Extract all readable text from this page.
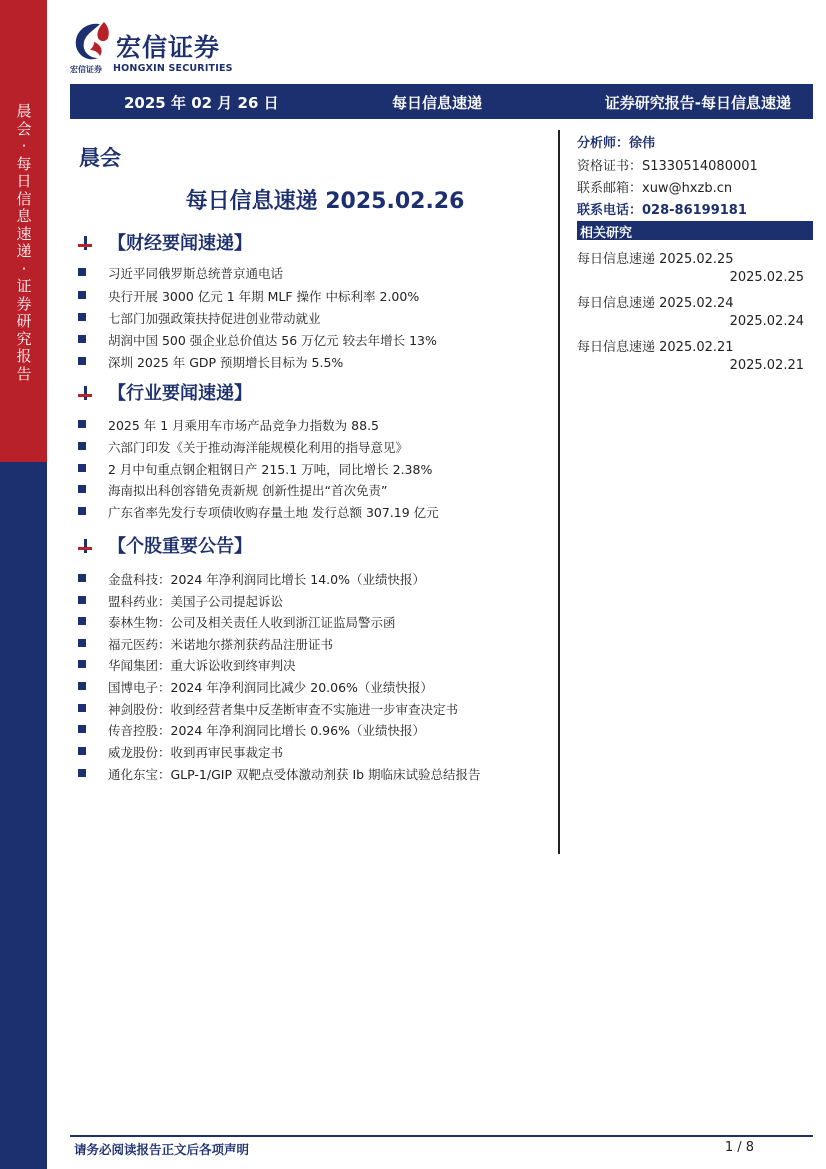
晨会·每日信息速递·证券研究报告
宏信证券
宏信证券 HONGXIN SECURITIES
2025 年 02 月 26 日	每日信息速递	证券研究报告-每日信息速递
晨会
每日信息速递 2025.02.26
【财经要闻速递】
习近平同俄罗斯总统普京通电话
央行开展 3000 亿元 1 年期 MLF 操作 中标利率 2.00%
七部门加强政策扶持促进创业带动就业
胡润中国 500 强企业总价值达 56 万亿元 较去年增长 13%
深圳 2025 年 GDP 预期增长目标为 5.5%
【行业要闻速递】
2025 年 1 月乘用车市场产品竞争力指数为 88.5
六部门印发《关于推动海洋能规模化利用的指导意见》
2 月中旬重点钢企粗钢日产 215.1 万吨，同比增长 2.38%
海南拟出科创容错免责新规 创新性提出“首次免责”
广东省率先发行专项债收购存量土地 发行总额 307.19 亿元
【个股重要公告】
金盘科技：2024 年净利润同比增长 14.0%（业绩快报）
盟科药业：美国子公司提起诉讼
泰林生物：公司及相关责任人收到浙江证监局警示函
福元医药：米诺地尔搽剂获药品注册证书
华闻集团：重大诉讼收到终审判决
国博电子：2024 年净利润同比减少 20.06%（业绩快报）
神剑股份：收到经营者集中反垄断审查不实施进一步审查决定书
传音控股：2024 年净利润同比增长 0.96%（业绩快报）
威龙股份：收到再审民事裁定书
通化东宝：GLP-1/GIP 双靶点受体激动剂获 Ib 期临床试验总结报告
分析师：徐伟
资格证书：S1330514080001
联系邮箱：xuw@hxzb.cn
联系电话：028-86199181
相关研究
每日信息速递 2025.02.25
2025.02.25
每日信息速递 2025.02.24
2025.02.24
每日信息速递 2025.02.21
2025.02.21
请务必阅读报告正文后各项声明	1 / 8
